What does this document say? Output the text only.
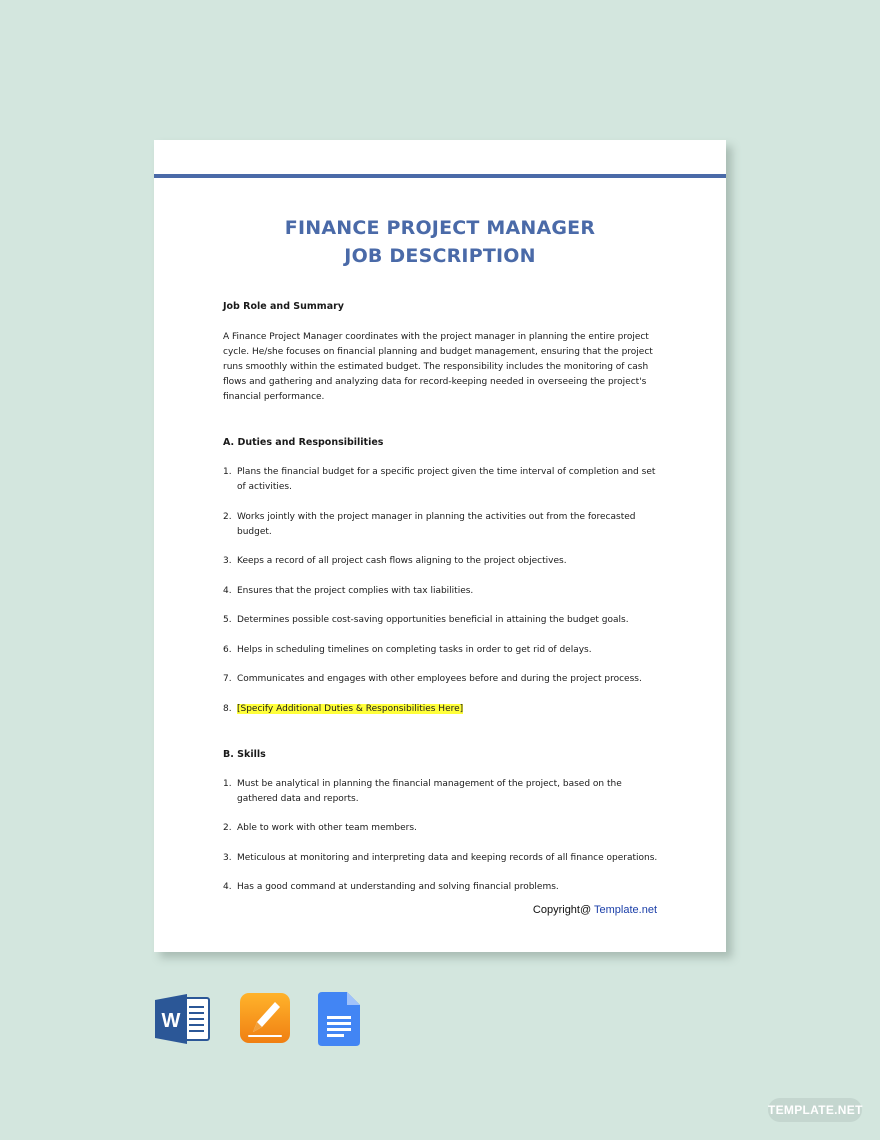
FINANCE PROJECT MANAGER
JOB DESCRIPTION
Job Role and Summary
A Finance Project Manager coordinates with the project manager in planning the entire project cycle. He/she focuses on financial planning and budget management, ensuring that the project runs smoothly within the estimated budget. The responsibility includes the monitoring of cash flows and gathering and analyzing data for record-keeping needed in overseeing the project's financial performance.
A. Duties and Responsibilities
1. Plans the financial budget for a specific project given the time interval of completion and set of activities.
2. Works jointly with the project manager in planning the activities out from the forecasted budget.
3. Keeps a record of all project cash flows aligning to the project objectives.
4. Ensures that the project complies with tax liabilities.
5. Determines possible cost-saving opportunities beneficial in attaining the budget goals.
6. Helps in scheduling timelines on completing tasks in order to get rid of delays.
7. Communicates and engages with other employees before and during the project process.
8. [Specify Additional Duties & Responsibilities Here]
B. Skills
1. Must be analytical in planning the financial management of the project, based on the gathered data and reports.
2. Able to work with other team members.
3. Meticulous at monitoring and interpreting data and keeping records of all finance operations.
4. Has a good command at understanding and solving financial problems.
Copyright@ Template.net
W
TEMPLATE.NET
